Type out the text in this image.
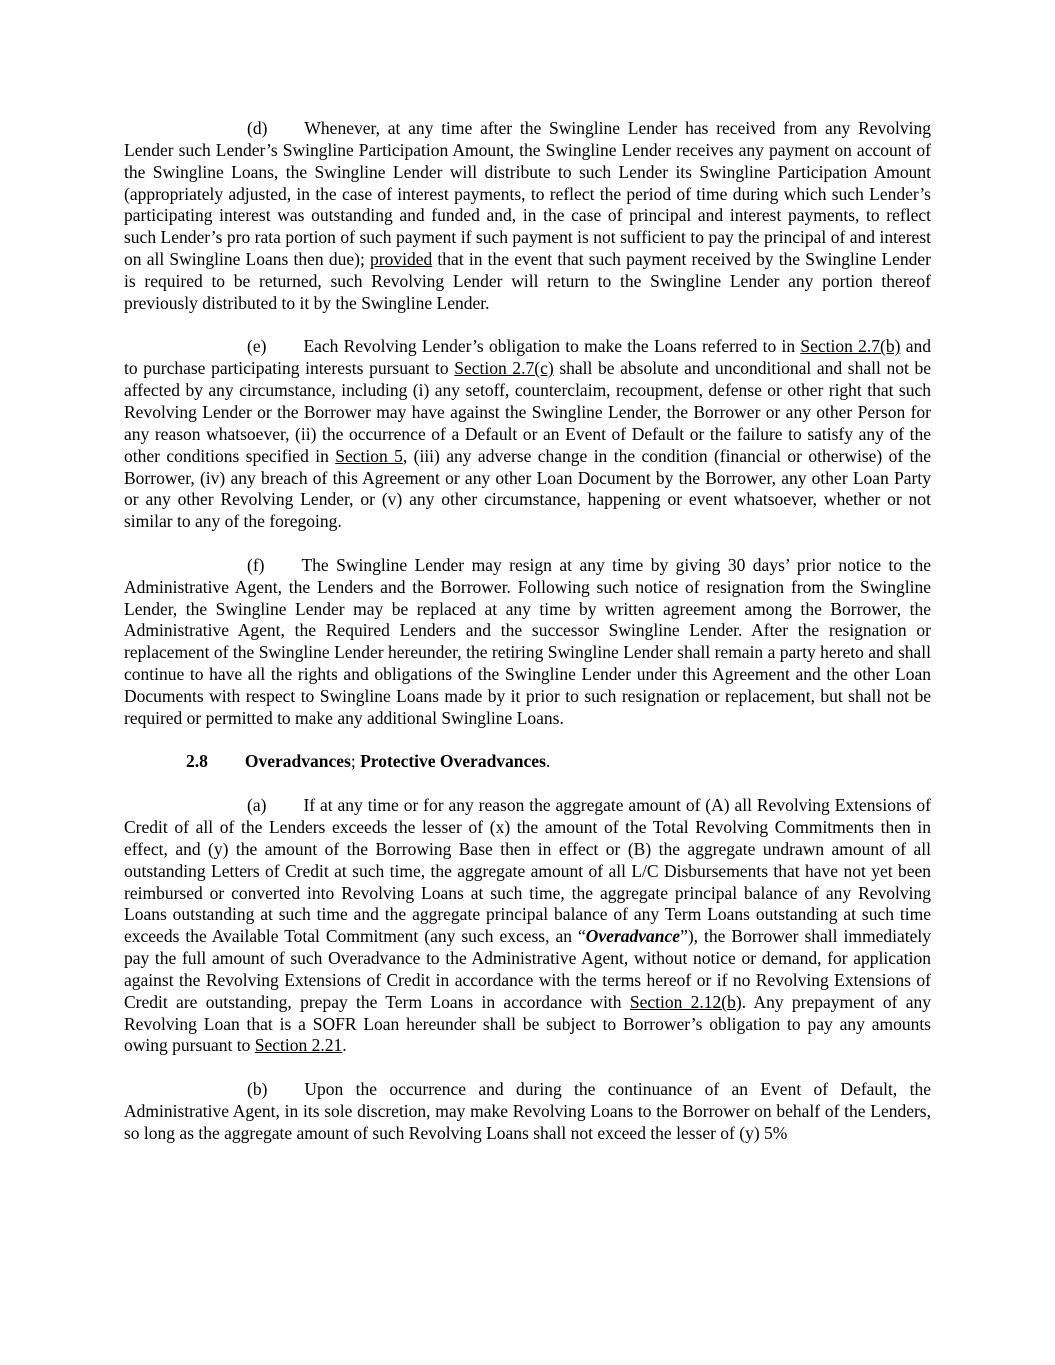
(d) Whenever, at any time after the Swingline Lender has received from any Revolving Lender such Lender’s Swingline Participation Amount, the Swingline Lender receives any payment on account of the Swingline Loans, the Swingline Lender will distribute to such Lender its Swingline Participation Amount (appropriately adjusted, in the case of interest payments, to reflect the period of time during which such Lender’s participating interest was outstanding and funded and, in the case of principal and interest payments, to reflect such Lender’s pro rata portion of such payment if such payment is not sufficient to pay the principal of and interest on all Swingline Loans then due); provided that in the event that such payment received by the Swingline Lender is required to be returned, such Revolving Lender will return to the Swingline Lender any portion thereof previously distributed to it by the Swingline Lender.

(e) Each Revolving Lender’s obligation to make the Loans referred to in Section 2.7(b) and to purchase participating interests pursuant to Section 2.7(c) shall be absolute and unconditional and shall not be affected by any circumstance, including (i) any setoff, counterclaim, recoupment, defense or other right that such Revolving Lender or the Borrower may have against the Swingline Lender, the Borrower or any other Person for any reason whatsoever, (ii) the occurrence of a Default or an Event of Default or the failure to satisfy any of the other conditions specified in Section 5, (iii) any adverse change in the condition (financial or otherwise) of the Borrower, (iv) any breach of this Agreement or any other Loan Document by the Borrower, any other Loan Party or any other Revolving Lender, or (v) any other circumstance, happening or event whatsoever, whether or not similar to any of the foregoing.

(f) The Swingline Lender may resign at any time by giving 30 days’ prior notice to the Administrative Agent, the Lenders and the Borrower. Following such notice of resignation from the Swingline Lender, the Swingline Lender may be replaced at any time by written agreement among the Borrower, the Administrative Agent, the Required Lenders and the successor Swingline Lender. After the resignation or replacement of the Swingline Lender hereunder, the retiring Swingline Lender shall remain a party hereto and shall continue to have all the rights and obligations of the Swingline Lender under this Agreement and the other Loan Documents with respect to Swingline Loans made by it prior to such resignation or replacement, but shall not be required or permitted to make any additional Swingline Loans.

2.8 Overadvances; Protective Overadvances.

(a) If at any time or for any reason the aggregate amount of (A) all Revolving Extensions of Credit of all of the Lenders exceeds the lesser of (x) the amount of the Total Revolving Commitments then in effect, and (y) the amount of the Borrowing Base then in effect or (B) the aggregate undrawn amount of all outstanding Letters of Credit at such time, the aggregate amount of all L/C Disbursements that have not yet been reimbursed or converted into Revolving Loans at such time, the aggregate principal balance of any Revolving Loans outstanding at such time and the aggregate principal balance of any Term Loans outstanding at such time exceeds the Available Total Commitment (any such excess, an “Overadvance”), the Borrower shall immediately pay the full amount of such Overadvance to the Administrative Agent, without notice or demand, for application against the Revolving Extensions of Credit in accordance with the terms hereof or if no Revolving Extensions of Credit are outstanding, prepay the Term Loans in accordance with Section 2.12(b). Any prepayment of any Revolving Loan that is a SOFR Loan hereunder shall be subject to Borrower’s obligation to pay any amounts owing pursuant to Section 2.21.

(b) Upon the occurrence and during the continuance of an Event of Default, the Administrative Agent, in its sole discretion, may make Revolving Loans to the Borrower on behalf of the Lenders, so long as the aggregate amount of such Revolving Loans shall not exceed the lesser of (y) 5%
